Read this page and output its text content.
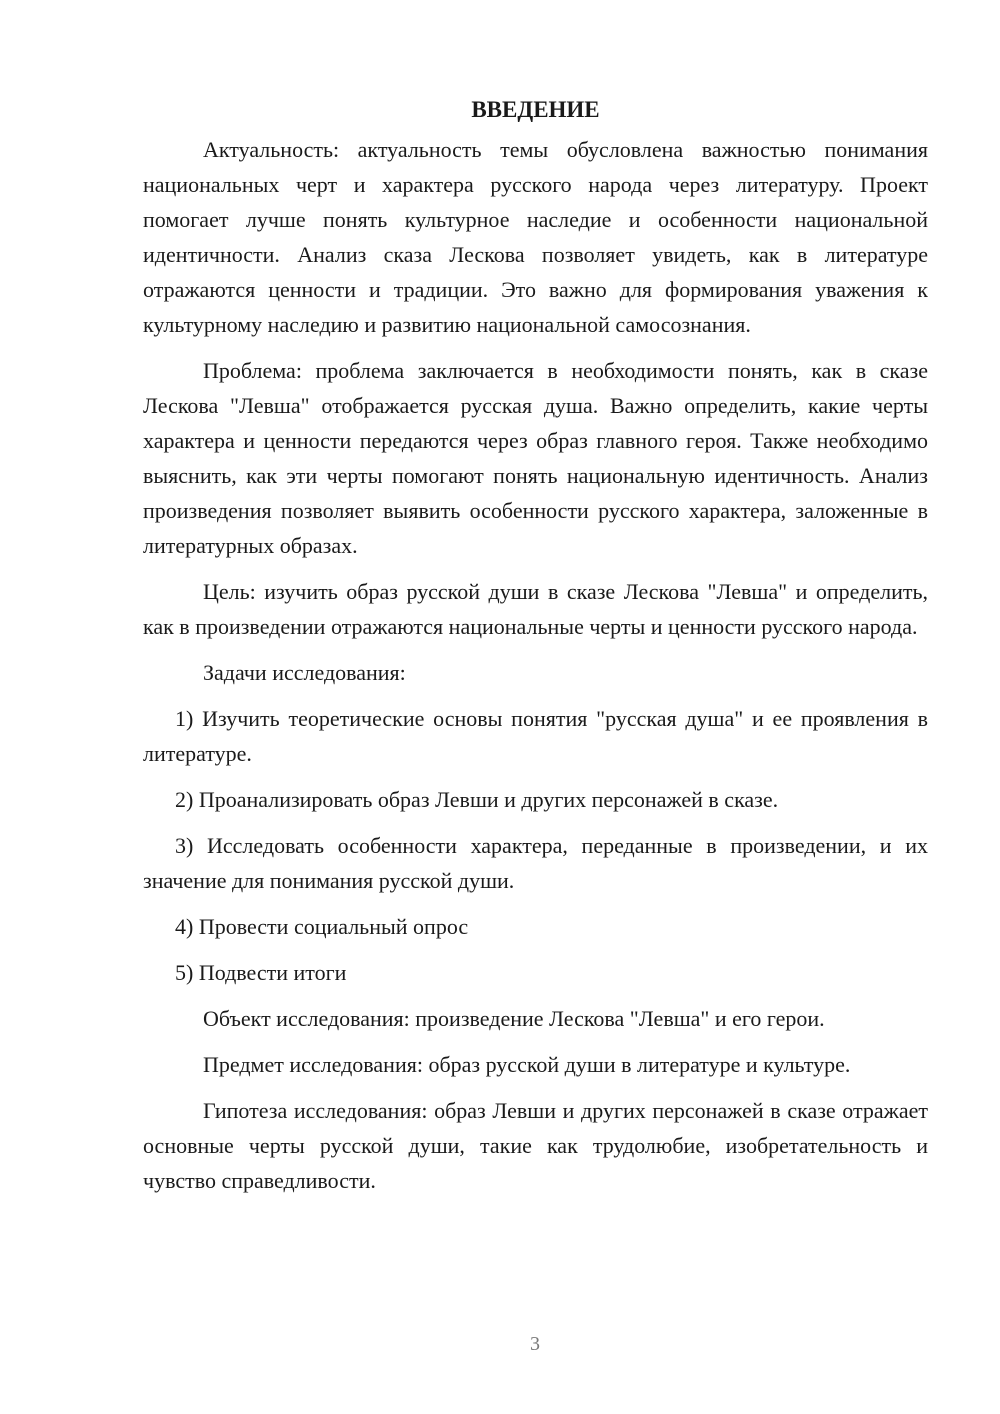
ВВЕДЕНИЕ

Актуальность: актуальность темы обусловлена важностью понимания национальных черт и характера русского народа через литературу. Проект помогает лучше понять культурное наследие и особенности национальной идентичности. Анализ сказа Лескова позволяет увидеть, как в литературе отражаются ценности и традиции. Это важно для формирования уважения к культурному наследию и развитию национальной самосознания.

Проблема: проблема заключается в необходимости понять, как в сказе Лескова "Левша" отображается русская душа. Важно определить, какие черты характера и ценности передаются через образ главного героя. Также необходимо выяснить, как эти черты помогают понять национальную идентичность. Анализ произведения позволяет выявить особенности русского характера, заложенные в литературных образах.

Цель: изучить образ русской души в сказе Лескова "Левша" и определить, как в произведении отражаются национальные черты и ценности русского народа.

Задачи исследования:

1) Изучить теоретические основы понятия "русская душа" и ее проявления в литературе.

2) Проанализировать образ Левши и других персонажей в сказе.

3) Исследовать особенности характера, переданные в произведении, и их значение для понимания русской души.

4) Провести социальный опрос

5) Подвести итоги

Объект исследования: произведение Лескова "Левша" и его герои.

Предмет исследования: образ русской души в литературе и культуре.

Гипотеза исследования: образ Левши и других персонажей в сказе отражает основные черты русской души, такие как трудолюбие, изобретательность и чувство справедливости.

3
